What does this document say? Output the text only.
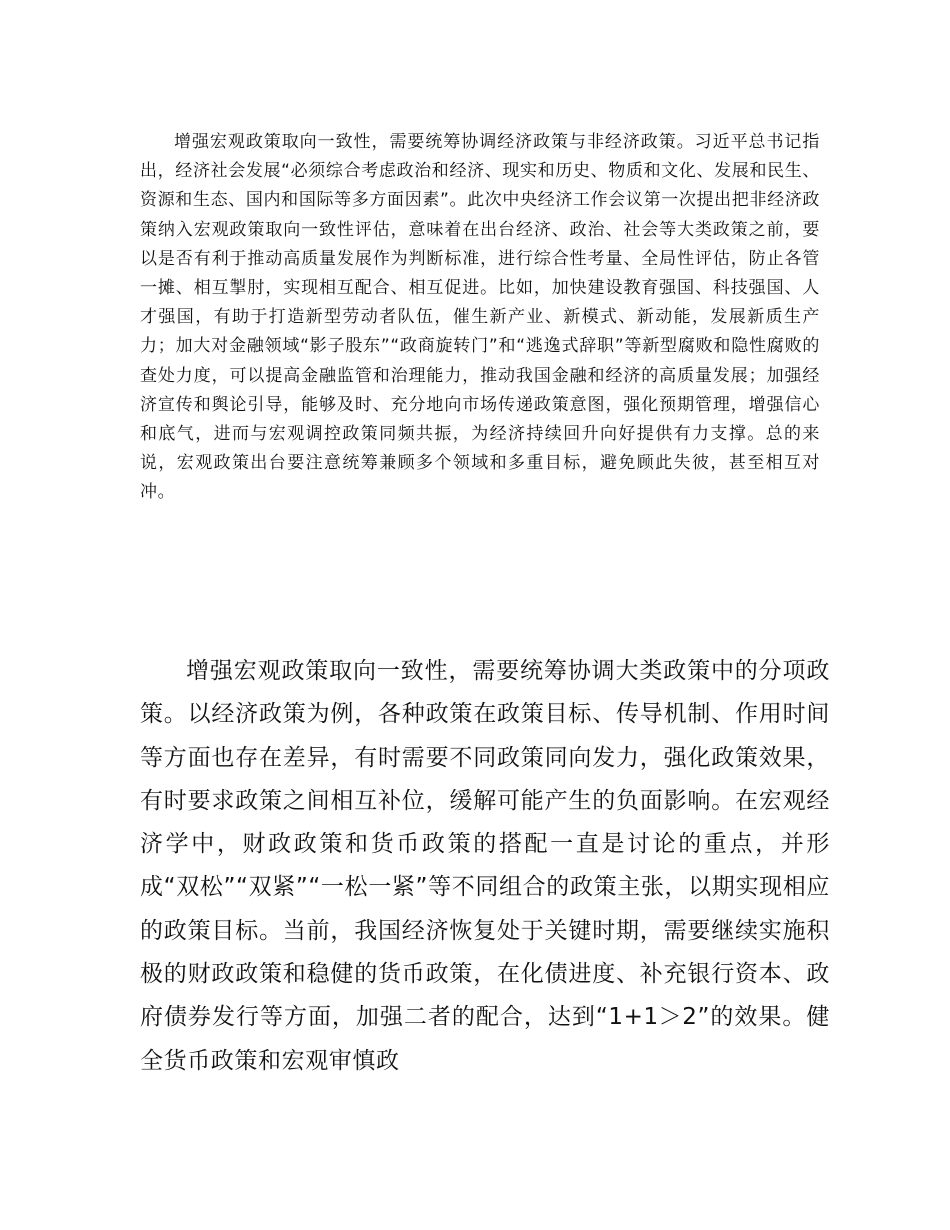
增强宏观政策取向一致性，需要统筹协调经济政策与非经济政策。习近平总书记指出，经济社会发展“必须综合考虑政治和经济、现实和历史、物质和文化、发展和民生、资源和生态、国内和国际等多方面因素”。此次中央经济工作会议第一次提出把非经济政策纳入宏观政策取向一致性评估，意味着在出台经济、政治、社会等大类政策之前，要以是否有利于推动高质量发展作为判断标准，进行综合性考量、全局性评估，防止各管一摊、相互掣肘，实现相互配合、相互促进。比如，加快建设教育强国、科技强国、人才强国，有助于打造新型劳动者队伍，催生新产业、新模式、新动能，发展新质生产力；加大对金融领域“影子股东”“政商旋转门”和“逃逸式辞职”等新型腐败和隐性腐败的查处力度，可以提高金融监管和治理能力，推动我国金融和经济的高质量发展；加强经济宣传和舆论引导，能够及时、充分地向市场传递政策意图，强化预期管理，增强信心和底气，进而与宏观调控政策同频共振，为经济持续回升向好提供有力支撑。总的来说，宏观政策出台要注意统筹兼顾多个领域和多重目标，避免顾此失彼，甚至相互对冲。

增强宏观政策取向一致性，需要统筹协调大类政策中的分项政策。以经济政策为例，各种政策在政策目标、传导机制、作用时间等方面也存在差异，有时需要不同政策同向发力，强化政策效果，有时要求政策之间相互补位，缓解可能产生的负面影响。在宏观经济学中，财政政策和货币政策的搭配一直是讨论的重点，并形成“双松”“双紧”“一松一紧”等不同组合的政策主张，以期实现相应的政策目标。当前，我国经济恢复处于关键时期，需要继续实施积极的财政政策和稳健的货币政策，在化债进度、补充银行资本、政府债券发行等方面，加强二者的配合，达到“1+1＞2”的效果。健全货币政策和宏观审慎政
